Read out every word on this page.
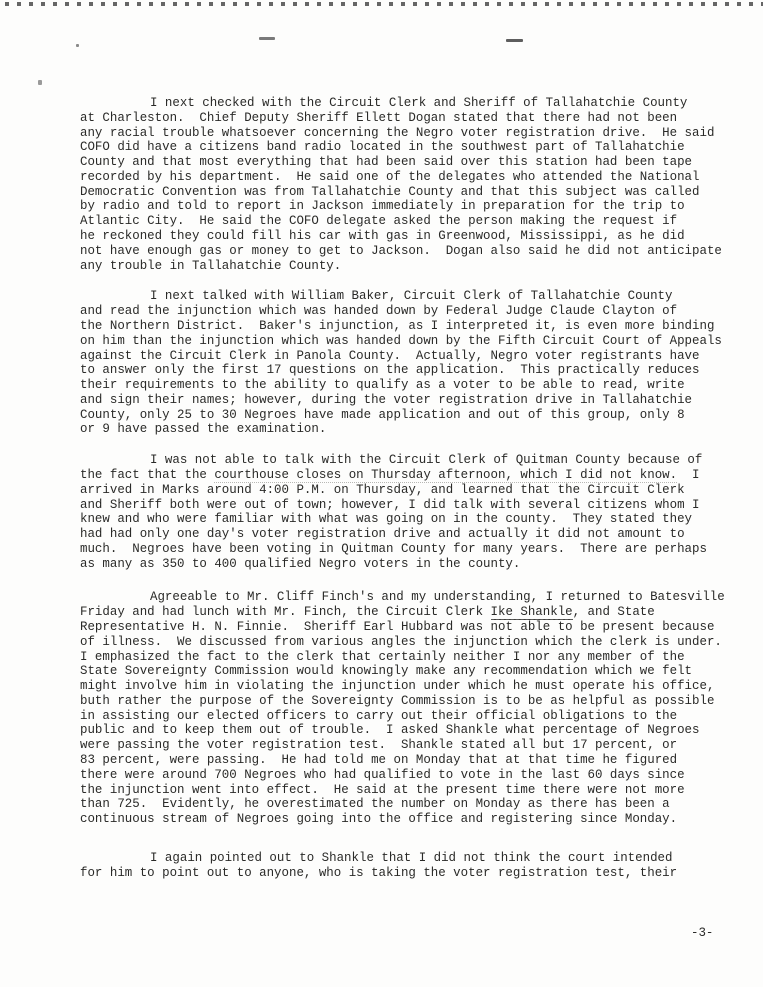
I next checked with the Circuit Clerk and Sheriff of Tallahatchie County
at Charleston.  Chief Deputy Sheriff Ellett Dogan stated that there had not been
any racial trouble whatsoever concerning the Negro voter registration drive.  He said
COFO did have a citizens band radio located in the southwest part of Tallahatchie
County and that most everything that had been said over this station had been tape
recorded by his department.  He said one of the delegates who attended the National
Democratic Convention was from Tallahatchie County and that this subject was called
by radio and told to report in Jackson immediately in preparation for the trip to
Atlantic City.  He said the COFO delegate asked the person making the request if
he reckoned they could fill his car with gas in Greenwood, Mississippi, as he did
not have enough gas or money to get to Jackson.  Dogan also said he did not anticipate
any trouble in Tallahatchie County.
I next talked with William Baker, Circuit Clerk of Tallahatchie County
and read the injunction which was handed down by Federal Judge Claude Clayton of
the Northern District.  Baker's injunction, as I interpreted it, is even more binding
on him than the injunction which was handed down by the Fifth Circuit Court of Appeals
against the Circuit Clerk in Panola County.  Actually, Negro voter registrants have
to answer only the first 17 questions on the application.  This practically reduces
their requirements to the ability to qualify as a voter to be able to read, write
and sign their names; however, during the voter registration drive in Tallahatchie
County, only 25 to 30 Negroes have made application and out of this group, only 8
or 9 have passed the examination.
I was not able to talk with the Circuit Clerk of Quitman County because of
the fact that the courthouse closes on Thursday afternoon, which I did not know.  I
arrived in Marks around 4:00 P.M. on Thursday, and learned that the Circuit Clerk
and Sheriff both were out of town; however, I did talk with several citizens whom I
knew and who were familiar with what was going on in the county.  They stated they
had had only one day's voter registration drive and actually it did not amount to
much.  Negroes have been voting in Quitman County for many years.  There are perhaps
as many as 350 to 400 qualified Negro voters in the county.
Agreeable to Mr. Cliff Finch's and my understanding, I returned to Batesville
Friday and had lunch with Mr. Finch, the Circuit Clerk Ike Shankle, and State
Representative H. N. Finnie.  Sheriff Earl Hubbard was not able to be present because
of illness.  We discussed from various angles the injunction which the clerk is under.
I emphasized the fact to the clerk that certainly neither I nor any member of the
State Sovereignty Commission would knowingly make any recommendation which we felt
might involve him in violating the injunction under which he must operate his office,
buth rather the purpose of the Sovereignty Commission is to be as helpful as possible
in assisting our elected officers to carry out their official obligations to the
public and to keep them out of trouble.  I asked Shankle what percentage of Negroes
were passing the voter registration test.  Shankle stated all but 17 percent, or
83 percent, were passing.  He had told me on Monday that at that time he figured
there were around 700 Negroes who had qualified to vote in the last 60 days since
the injunction went into effect.  He said at the present time there were not more
than 725.  Evidently, he overestimated the number on Monday as there has been a
continuous stream of Negroes going into the office and registering since Monday.
I again pointed out to Shankle that I did not think the court intended
for him to point out to anyone, who is taking the voter registration test, their
-3-
